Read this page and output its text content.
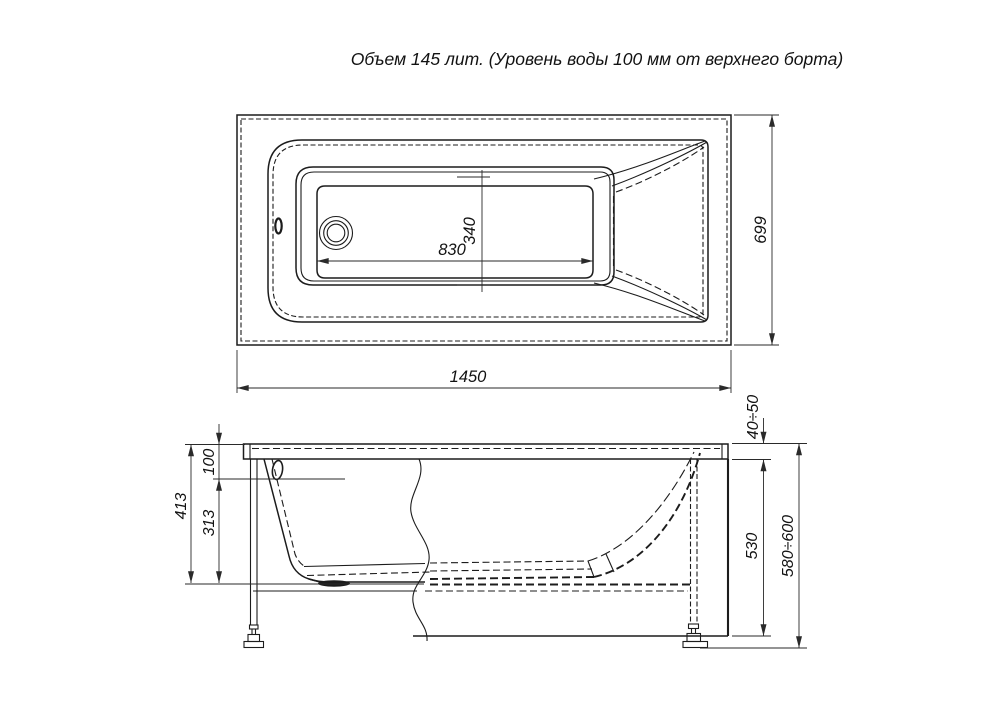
Объем 145 лит. (Уровень воды 100 мм от верхнего борта)
830
340
1450
699
413
100
313
40÷50
530 580÷600
